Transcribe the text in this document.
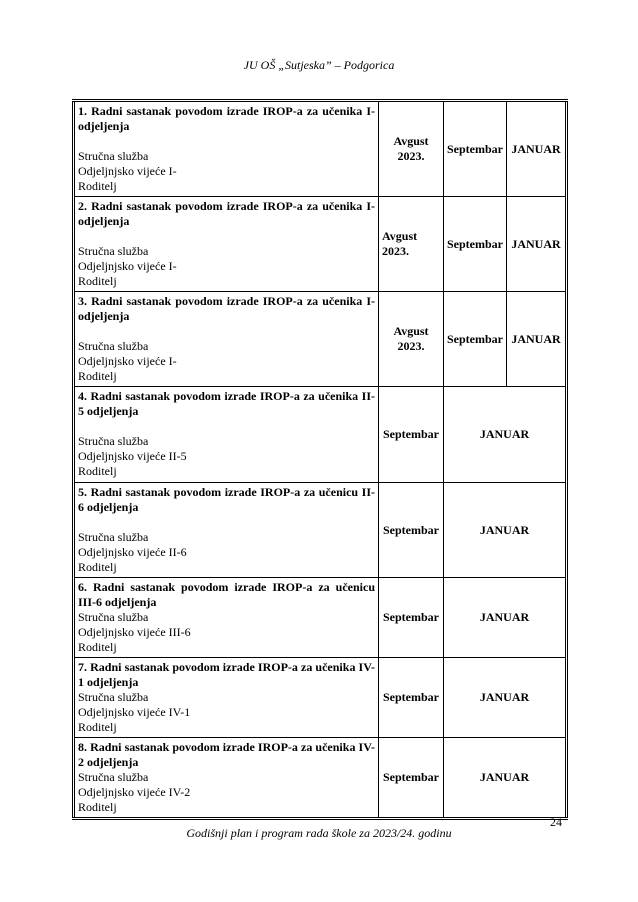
JU OŠ „Sutjeska” – Podgorica
1. Radni sastanak povodom izrade IROP-a za učenika I-odjeljenja
Stručna služba
Odjeljnjsko vijeće I-
Roditelj	Avgust 2023.	Septembar	JANUAR

2. Radni sastanak povodom izrade IROP-a za učenika I-odjeljenja
Stručna služba
Odjeljnjsko vijeće I-
Roditelj	Avgust 2023.	Septembar	JANUAR

3. Radni sastanak povodom izrade IROP-a za učenika I-odjeljenja
Stručna služba
Odjeljnjsko vijeće I-
Roditelj	Avgust 2023.	Septembar	JANUAR

4. Radni sastanak povodom izrade IROP-a za učenika II-5 odjeljenja
Stručna služba
Odjeljnjsko vijeće II-5
Roditelj	Septembar	JANUAR	

5. Radni sastanak povodom izrade IROP-a za učenicu II-6 odjeljenja
Stručna služba
Odjeljnjsko vijeće II-6
Roditelj	Septembar	JANUAR	

6. Radni sastanak povodom izrade IROP-a za učenicu III-6 odjeljenja
Stručna služba
Odjeljnjsko vijeće III-6
Roditelj	Septembar	JANUAR	

7. Radni sastanak povodom izrade IROP-a za učenika IV-1 odjeljenja
Stručna služba
Odjeljnjsko vijeće IV-1
Roditelj	Septembar	JANUAR	

8. Radni sastanak povodom izrade IROP-a za učenika IV-2 odjeljenja
Stručna služba
Odjeljnjsko vijeće IV-2
Roditelj	Septembar	JANUAR	
24
Godišnji plan i program rada škole za 2023/24. godinu
